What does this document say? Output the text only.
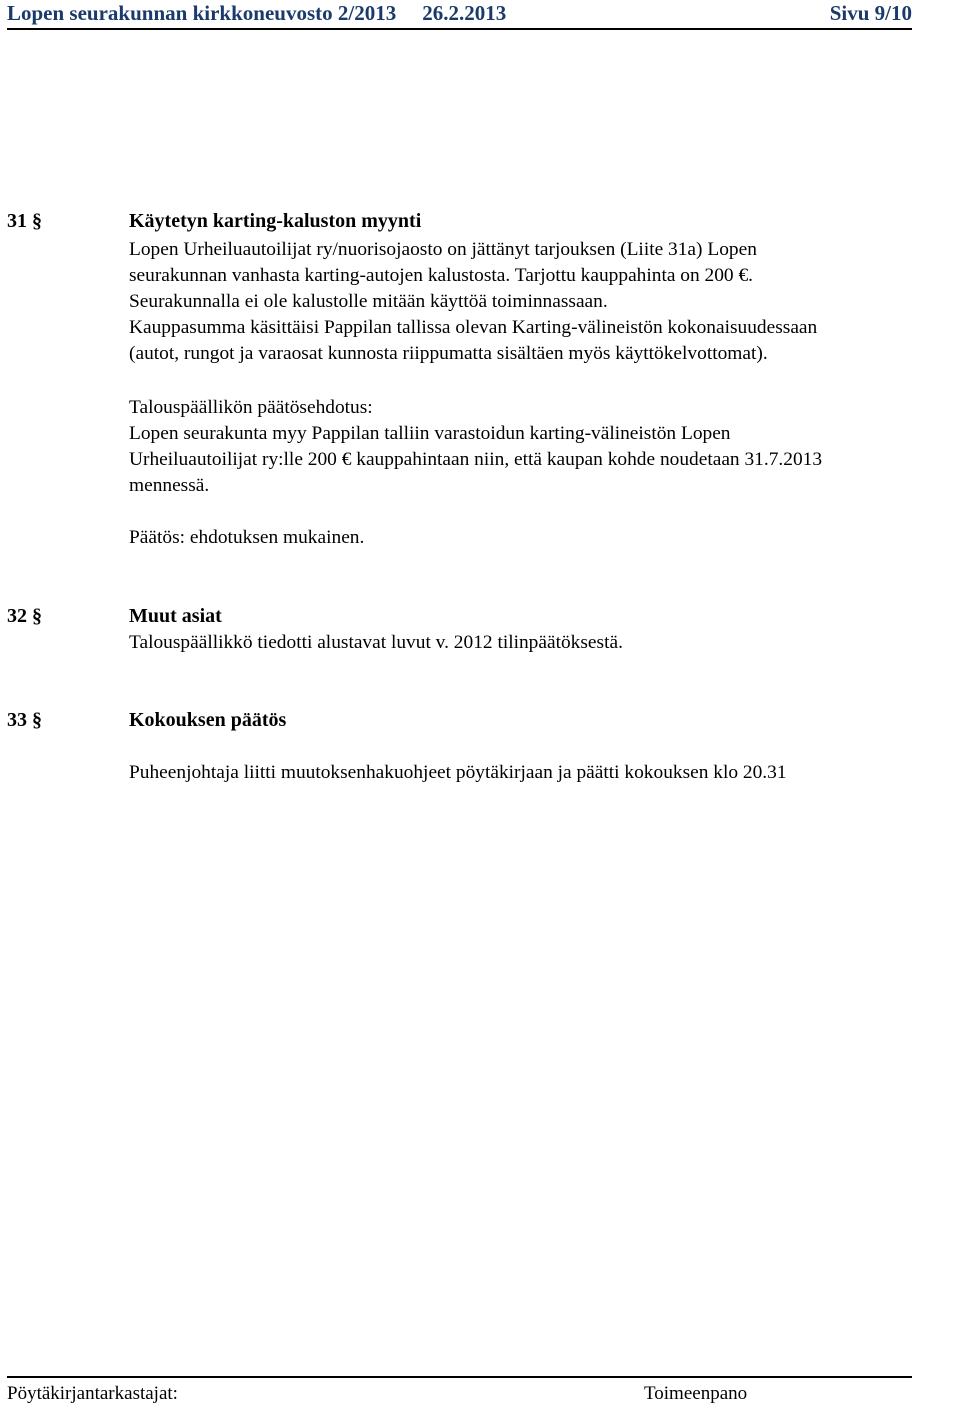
Lopen seurakunnan kirkkoneuvosto 2/2013 26.2.2013	Sivu 9/10
31 §	Käytetyn karting-kaluston myynti
Lopen Urheiluautoilijat ry/nuorisojaosto on jättänyt tarjouksen (Liite 31a) Lopen
seurakunnan vanhasta karting-autojen kalustosta. Tarjottu kauppahinta on 200 €.
Seurakunnalla ei ole kalustolle mitään käyttöä toiminnassaan.
Kauppasumma käsittäisi Pappilan tallissa olevan Karting-välineistön kokonaisuudessaan
(autot, rungot ja varaosat kunnosta riippumatta sisältäen myös käyttökelvottomat).
Talouspäällikön päätösehdotus:
Lopen seurakunta myy Pappilan talliin varastoidun karting-välineistön Lopen
Urheiluautoilijat ry:lle 200 € kauppahintaan niin, että kaupan kohde noudetaan 31.7.2013
mennessä.
Päätös: ehdotuksen mukainen.
32 §	Muut asiat
Talouspäällikkö tiedotti alustavat luvut v. 2012 tilinpäätöksestä.
33 §	Kokouksen päätös
Puheenjohtaja liitti muutoksenhakuohjeet pöytäkirjaan ja päätti kokouksen klo 20.31
Pöytäkirjantarkastajat:	Toimeenpano
